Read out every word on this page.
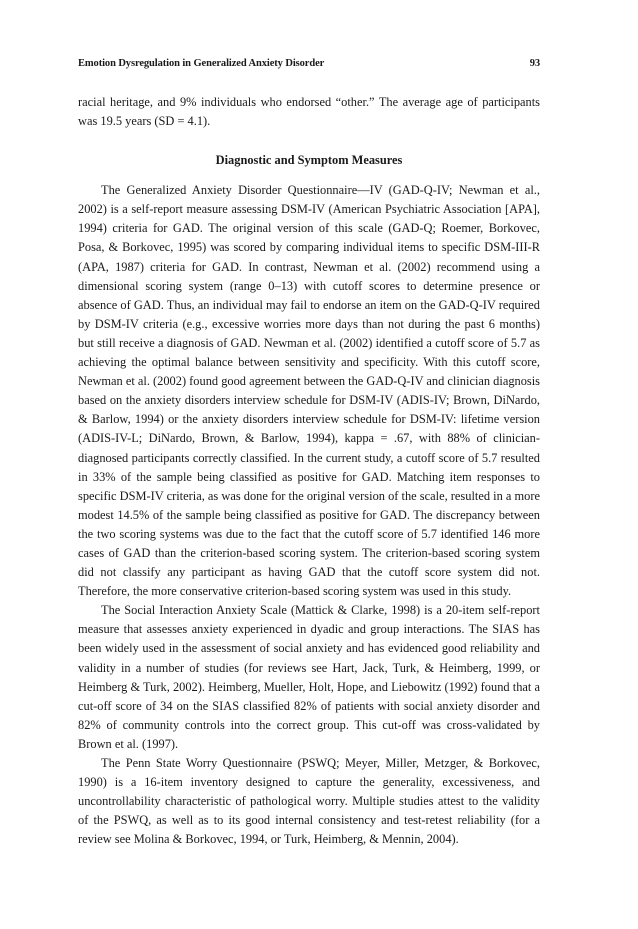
Emotion Dysregulation in Generalized Anxiety Disorder	93

racial heritage, and 9% individuals who endorsed “other.” The average age of participants was 19.5 years (SD = 4.1).

Diagnostic and Symptom Measures

The Generalized Anxiety Disorder Questionnaire—IV (GAD-Q-IV; Newman et al., 2002) is a self-report measure assessing DSM-IV (American Psychiatric Association [APA], 1994) criteria for GAD. The original version of this scale (GAD-Q; Roemer, Borkovec, Posa, & Borkovec, 1995) was scored by comparing individual items to specific DSM-III-R (APA, 1987) criteria for GAD. In contrast, Newman et al. (2002) recommend using a dimensional scoring system (range 0–13) with cutoff scores to determine presence or absence of GAD. Thus, an individual may fail to endorse an item on the GAD-Q-IV required by DSM-IV criteria (e.g., excessive worries more days than not during the past 6 months) but still receive a diagnosis of GAD. Newman et al. (2002) identified a cutoff score of 5.7 as achieving the optimal balance between sensitivity and specificity. With this cutoff score, Newman et al. (2002) found good agreement between the GAD-Q-IV and clinician diagnosis based on the anxiety disorders interview schedule for DSM-IV (ADIS-IV; Brown, DiNardo, & Barlow, 1994) or the anxiety disorders interview schedule for DSM-IV: lifetime version (ADIS-IV-L; DiNardo, Brown, & Barlow, 1994), kappa = .67, with 88% of clinician-diagnosed participants correctly classified. In the current study, a cutoff score of 5.7 resulted in 33% of the sample being classified as positive for GAD. Matching item responses to specific DSM-IV criteria, as was done for the original version of the scale, resulted in a more modest 14.5% of the sample being classified as positive for GAD. The discrepancy between the two scoring systems was due to the fact that the cutoff score of 5.7 identified 146 more cases of GAD than the criterion-based scoring system. The criterion-based scoring system did not classify any participant as having GAD that the cutoff score system did not. Therefore, the more conservative criterion-based scoring system was used in this study.

The Social Interaction Anxiety Scale (Mattick & Clarke, 1998) is a 20-item self-report measure that assesses anxiety experienced in dyadic and group interactions. The SIAS has been widely used in the assessment of social anxiety and has evidenced good reliability and validity in a number of studies (for reviews see Hart, Jack, Turk, & Heimberg, 1999, or Heimberg & Turk, 2002). Heimberg, Mueller, Holt, Hope, and Liebowitz (1992) found that a cut-off score of 34 on the SIAS classified 82% of patients with social anxiety disorder and 82% of community controls into the correct group. This cut-off was cross-validated by Brown et al. (1997).

The Penn State Worry Questionnaire (PSWQ; Meyer, Miller, Metzger, & Borkovec, 1990) is a 16-item inventory designed to capture the generality, excessiveness, and uncontrollability characteristic of pathological worry. Multiple studies attest to the validity of the PSWQ, as well as to its good internal consistency and test-retest reliability (for a review see Molina & Borkovec, 1994, or Turk, Heimberg, & Mennin, 2004).
